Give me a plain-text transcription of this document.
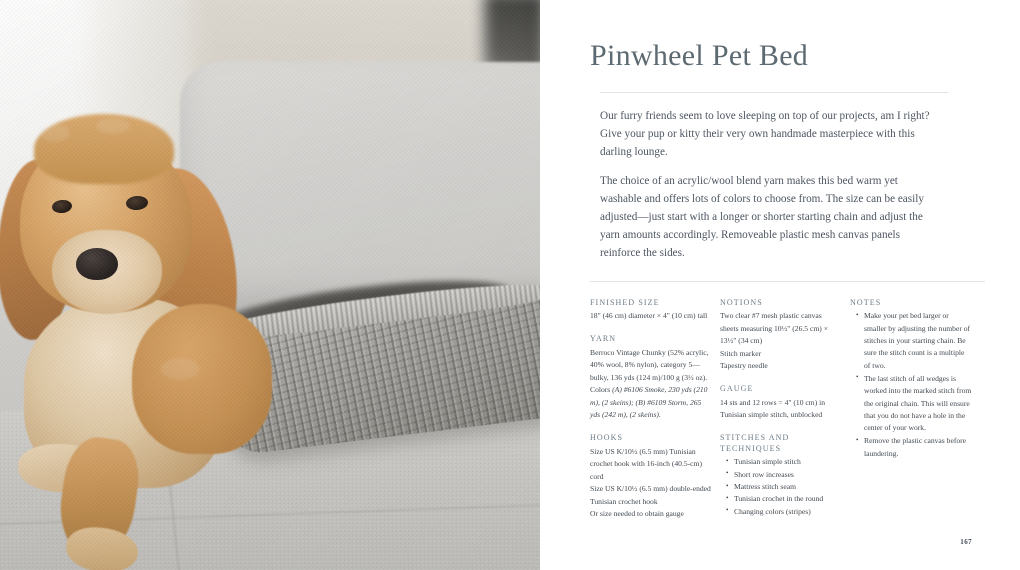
Pinwheel Pet Bed

Our furry friends seem to love sleeping on top of our projects, am I right? Give your pup or kitty their very own handmade masterpiece with this darling lounge.

The choice of an acrylic/wool blend yarn makes this bed warm yet washable and offers lots of colors to choose from. The size can be easily adjusted—just start with a longer or shorter starting chain and adjust the yarn amounts accordingly. Removeable plastic mesh canvas panels reinforce the sides.

FINISHED SIZE

18" (46 cm) diameter × 4" (10 cm) tall

YARN

Berroco Vintage Chunky (52% acrylic, 40% wool, 8% nylon), category 5—bulky, 136 yds (124 m)/100 g (3½ oz). Colors (A) #6106 Smoke, 230 yds (210 m), (2 skeins); (B) #6109 Storm, 265 yds (242 m), (2 skeins).

HOOKS

Size US K/10½ (6.5 mm) Tunisian crochet hook with 16-inch (40.5-cm) cord

Size US K/10½ (6.5 mm) double-ended Tunisian crochet hook

Or size needed to obtain gauge

NOTIONS

Two clear #7 mesh plastic canvas sheets measuring 10½" (26.5 cm) × 13½" (34 cm)

Stitch marker

Tapestry needle

GAUGE

14 sts and 12 rows = 4" (10 cm) in Tunisian simple stitch, unblocked

STITCHES AND TECHNIQUES

• Tunisian simple stitch
• Short row increases
• Mattress stitch seam
• Tunisian crochet in the round
• Changing colors (stripes)

NOTES

• Make your pet bed larger or smaller by adjusting the number of stitches in your starting chain. Be sure the stitch count is a multiple of two.
• The last stitch of all wedges is worked into the marked stitch from the original chain. This will ensure that you do not have a hole in the center of your work.
• Remove the plastic canvas before laundering.
167
